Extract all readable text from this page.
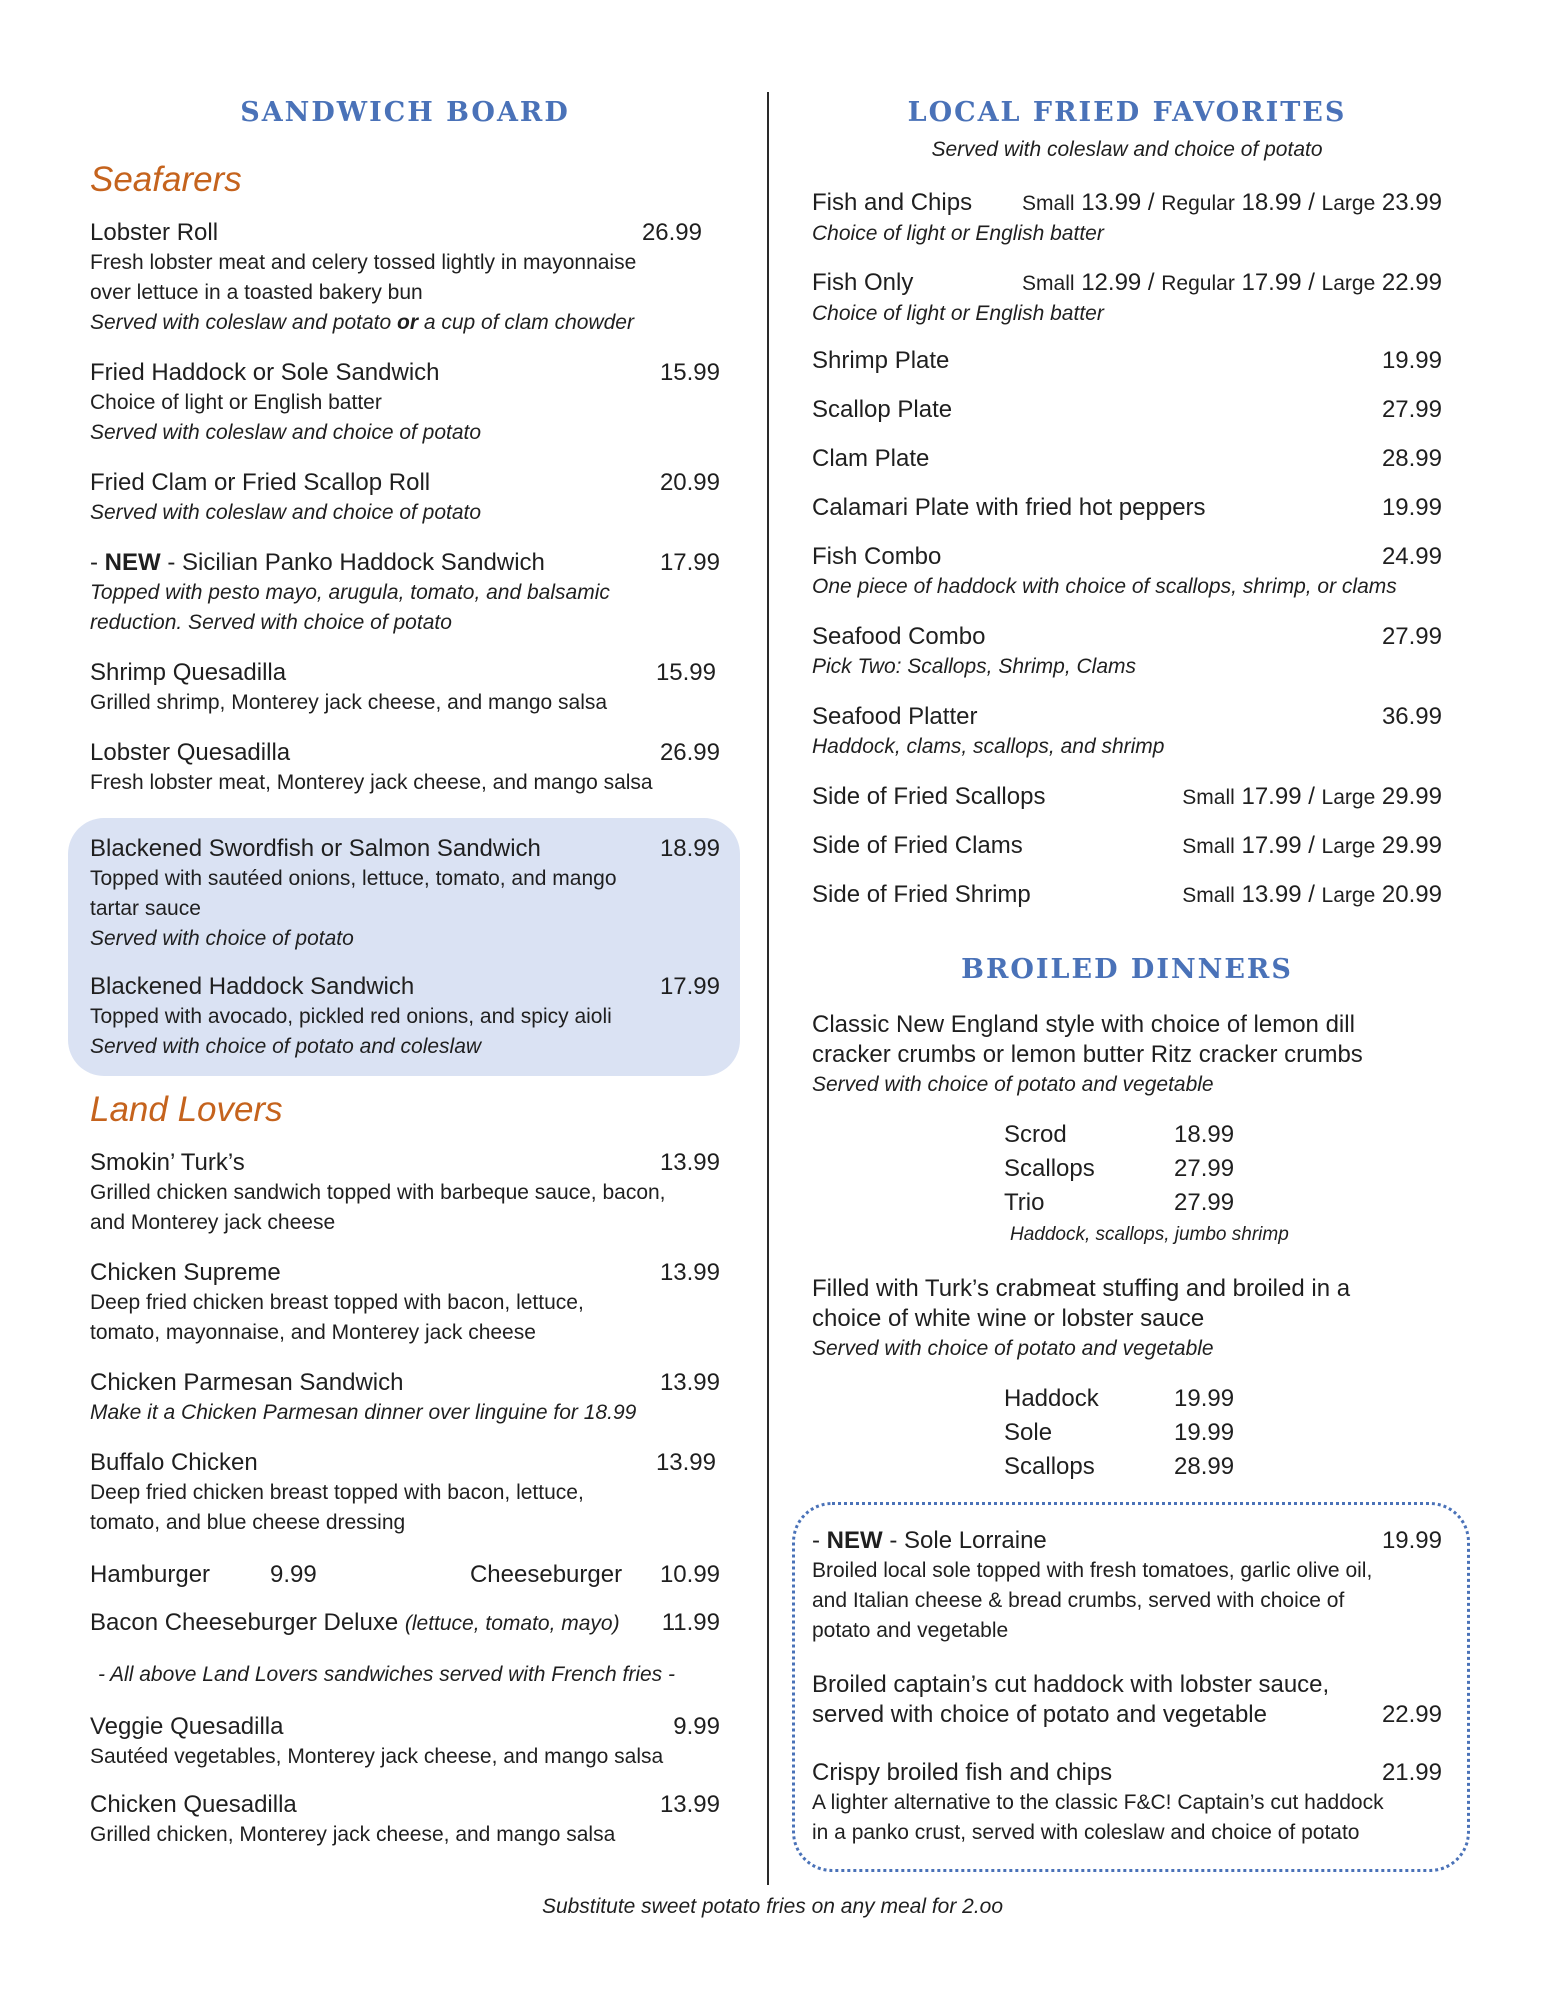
SANDWICH BOARD
Seafarers
Lobster Roll	26.99
Fresh lobster meat and celery tossed lightly in mayonnaise
over lettuce in a toasted bakery bun
Served with coleslaw and potato or a cup of clam chowder
Fried Haddock or Sole Sandwich	15.99
Choice of light or English batter
Served with coleslaw and choice of potato
Fried Clam or Fried Scallop Roll	20.99
Served with coleslaw and choice of potato
- NEW - Sicilian Panko Haddock Sandwich	17.99
Topped with pesto mayo, arugula, tomato, and balsamic
reduction. Served with choice of potato
Shrimp Quesadilla	15.99
Grilled shrimp, Monterey jack cheese, and mango salsa
Lobster Quesadilla	26.99
Fresh lobster meat, Monterey jack cheese, and mango salsa
Blackened Swordfish or Salmon Sandwich	18.99
Topped with sautéed onions, lettuce, tomato, and mango
tartar sauce
Served with choice of potato
Blackened Haddock Sandwich	17.99
Topped with avocado, pickled red onions, and spicy aioli
Served with choice of potato and coleslaw
Land Lovers
Smokin’ Turk’s	13.99
Grilled chicken sandwich topped with barbeque sauce, bacon,
and Monterey jack cheese
Chicken Supreme	13.99
Deep fried chicken breast topped with bacon, lettuce,
tomato, mayonnaise, and Monterey jack cheese
Chicken Parmesan Sandwich	13.99
Make it a Chicken Parmesan dinner over linguine for 18.99
Buffalo Chicken	13.99
Deep fried chicken breast topped with bacon, lettuce,
tomato, and blue cheese dressing
Hamburger	9.99	Cheeseburger	10.99
Bacon Cheeseburger Deluxe (lettuce, tomato, mayo) 11.99
- All above Land Lovers sandwiches served with French fries -
Veggie Quesadilla	9.99
Sautéed vegetables, Monterey jack cheese, and mango salsa
Chicken Quesadilla	13.99
Grilled chicken, Monterey jack cheese, and mango salsa
LOCAL FRIED FAVORITES
Served with coleslaw and choice of potato
Fish and Chips Small 13.99 / Regular 18.99 / Large 23.99
Choice of light or English batter
Fish Only	Small 12.99 / Regular 17.99 / Large 22.99
Choice of light or English batter
Shrimp Plate	19.99
Scallop Plate	27.99
Clam Plate	28.99
Calamari Plate with fried hot peppers	19.99
Fish Combo	24.99
One piece of haddock with choice of scallops, shrimp, or clams
Seafood Combo	27.99
Pick Two: Scallops, Shrimp, Clams
Seafood Platter	36.99
Haddock, clams, scallops, and shrimp
Side of Fried Scallops	Small 17.99 / Large 29.99
Side of Fried Clams	Small 17.99 / Large 29.99
Side of Fried Shrimp	Small 13.99 / Large 20.99
BROILED DINNERS
Classic New England style with choice of lemon dill
cracker crumbs or lemon butter Ritz cracker crumbs
Served with choice of potato and vegetable
Scrod	18.99
Scallops	27.99
Trio	27.99
Haddock, scallops, jumbo shrimp
Filled with Turk’s crabmeat stuffing and broiled in a
choice of white wine or lobster sauce
Served with choice of potato and vegetable
Haddock	19.99
Sole	19.99
Scallops	28.99
- NEW - Sole Lorraine	19.99
Broiled local sole topped with fresh tomatoes, garlic olive oil,
and Italian cheese & bread crumbs, served with choice of
potato and vegetable
Broiled captain’s cut haddock with lobster sauce,
served with choice of potato and vegetable	22.99
Crispy broiled fish and chips	21.99
A lighter alternative to the classic F&C! Captain’s cut haddock
in a panko crust, served with coleslaw and choice of potato
Substitute sweet potato fries on any meal for 2.oo
